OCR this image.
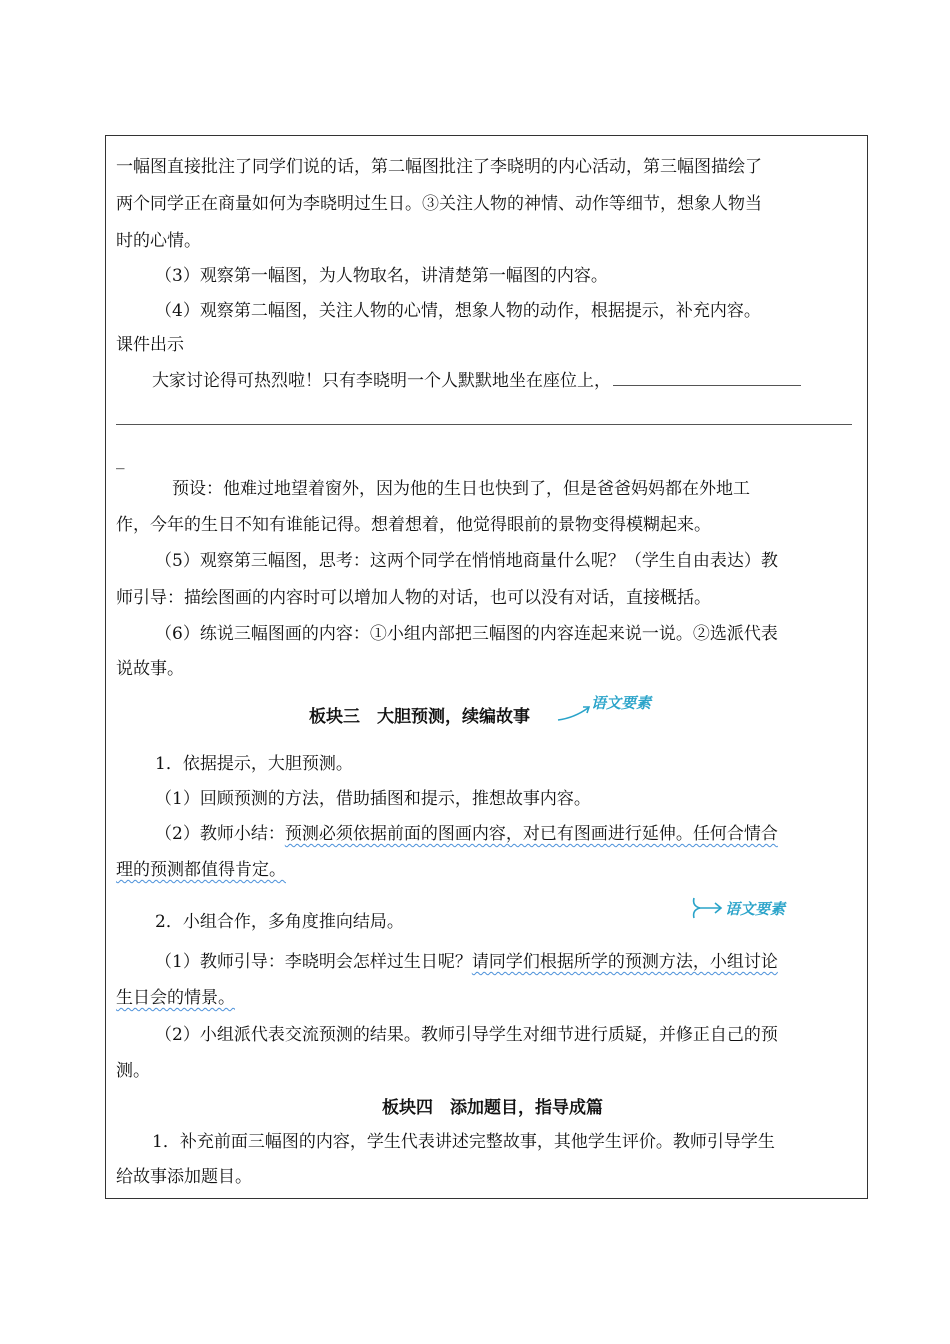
一幅图直接批注了同学们说的话，第二幅图批注了李晓明的内心活动，第三幅图描绘了
两个同学正在商量如何为李晓明过生日。③关注人物的神情、动作等细节，想象人物当
时的心情。
（3）观察第一幅图，为人物取名，讲清楚第一幅图的内容。
（4）观察第二幅图，关注人物的心情，想象人物的动作，根据提示，补充内容。
课件出示
大家讨论得可热烈啦！只有李晓明一个人默默地坐在座位上，
_
预设：他难过地望着窗外，因为他的生日也快到了，但是爸爸妈妈都在外地工
作，今年的生日不知有谁能记得。想着想着，他觉得眼前的景物变得模糊起来。
（5）观察第三幅图，思考：这两个同学在悄悄地商量什么呢？（学生自由表达）教
师引导：描绘图画的内容时可以增加人物的对话，也可以没有对话，直接概括。
（6）练说三幅图画的内容：①小组内部把三幅图的内容连起来说一说。②选派代表
说故事。
板块三　大胆预测，续编故事
语文要素
1．依据提示，大胆预测。
（1）回顾预测的方法，借助插图和提示，推想故事内容。
（2）教师小结：预测必须依据前面的图画内容，对已有图画进行延伸。任何合情合
理的预测都值得肯定。
语文要素
2．小组合作，多角度推向结局。
（1）教师引导：李晓明会怎样过生日呢？请同学们根据所学的预测方法，小组讨论
生日会的情景。
（2）小组派代表交流预测的结果。教师引导学生对细节进行质疑，并修正自己的预
测。
板块四　添加题目，指导成篇
1．补充前面三幅图的内容，学生代表讲述完整故事，其他学生评价。教师引导学生
给故事添加题目。
